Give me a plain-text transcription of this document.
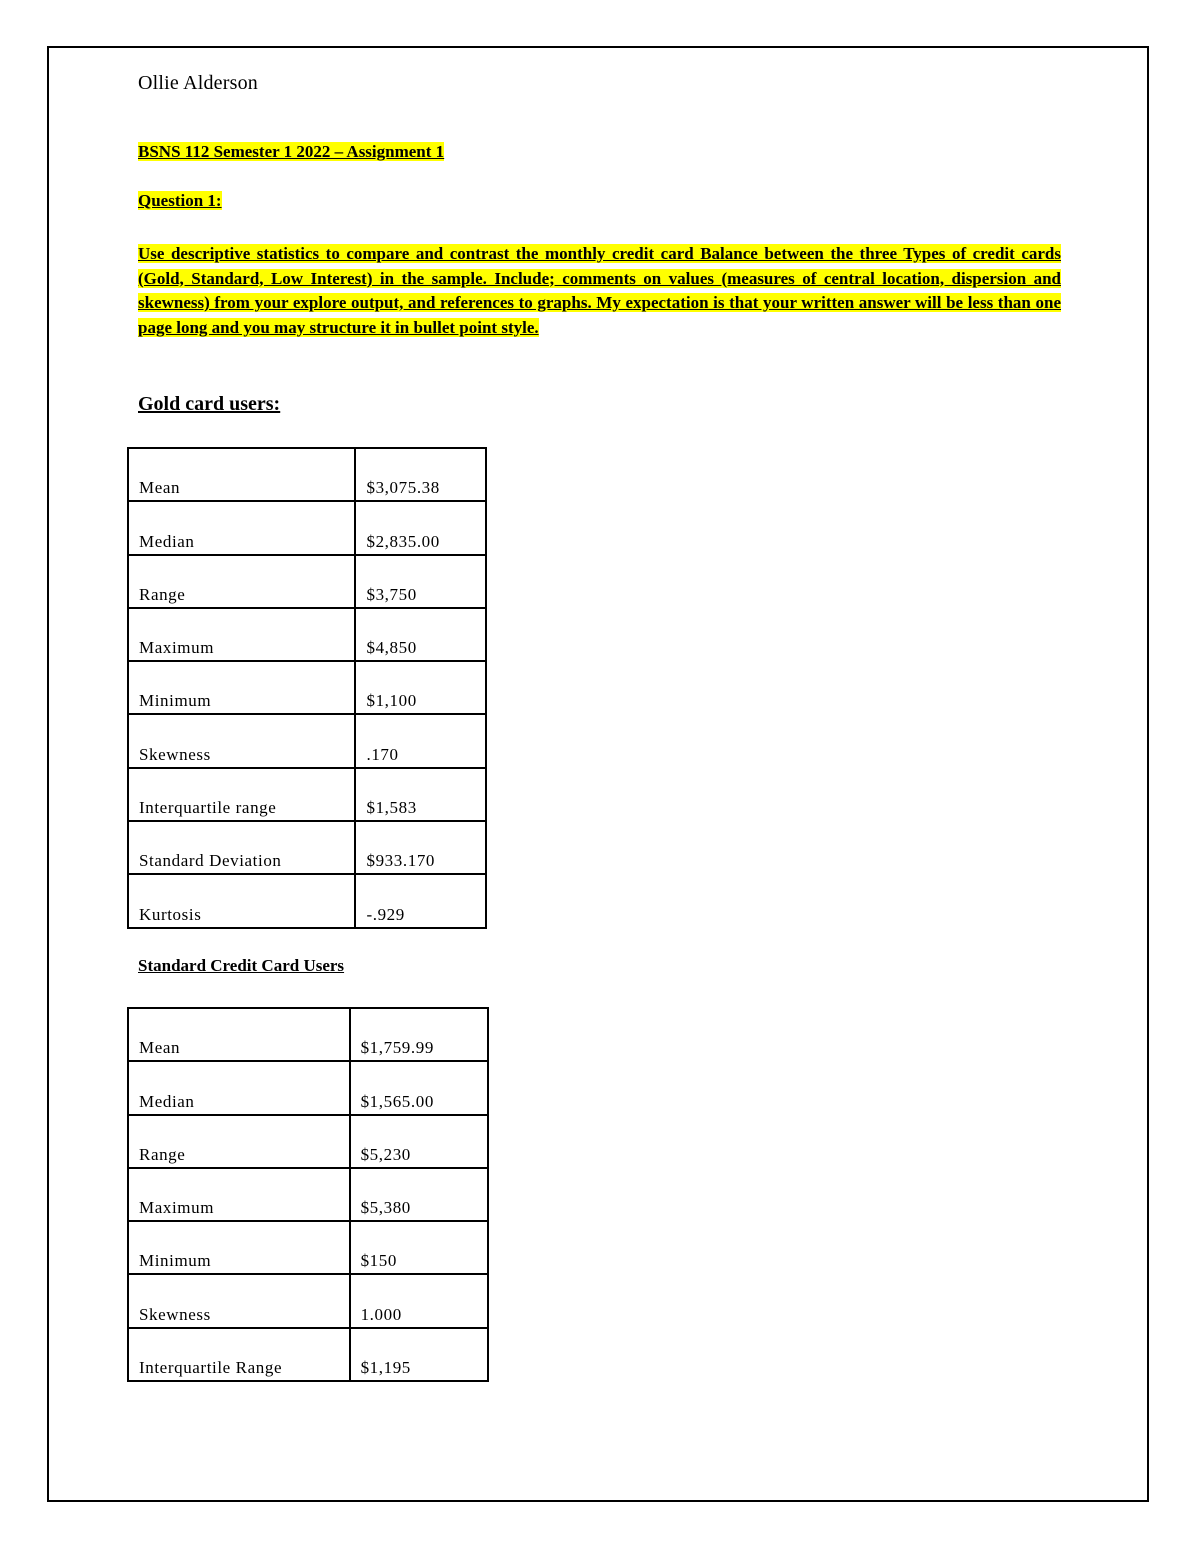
Ollie Alderson
BSNS 112 Semester 1 2022 – Assignment 1
Question 1:

Use descriptive statistics to compare and contrast the monthly credit card Balance between the three Types of credit cards (Gold, Standard, Low Interest) in the sample. Include; comments on values (measures of central location, dispersion and skewness) from your explore output, and references to graphs. My expectation is that your written answer will be less than one page long and you may structure it in bullet point style.

Gold card users:
Mean	$3,075.38

Median	$2,835.00

Range	$3,750

Maximum	$4,850

Minimum	$1,100

Skewness	.170

Interquartile range	$1,583

Standard Deviation	$933.170

Kurtosis	-.929
Standard Credit Card Users
Mean	$1,759.99

Median	$1,565.00

Range	$5,230

Maximum	$5,380

Minimum	$150

Skewness	1.000

Interquartile Range	$1,195
